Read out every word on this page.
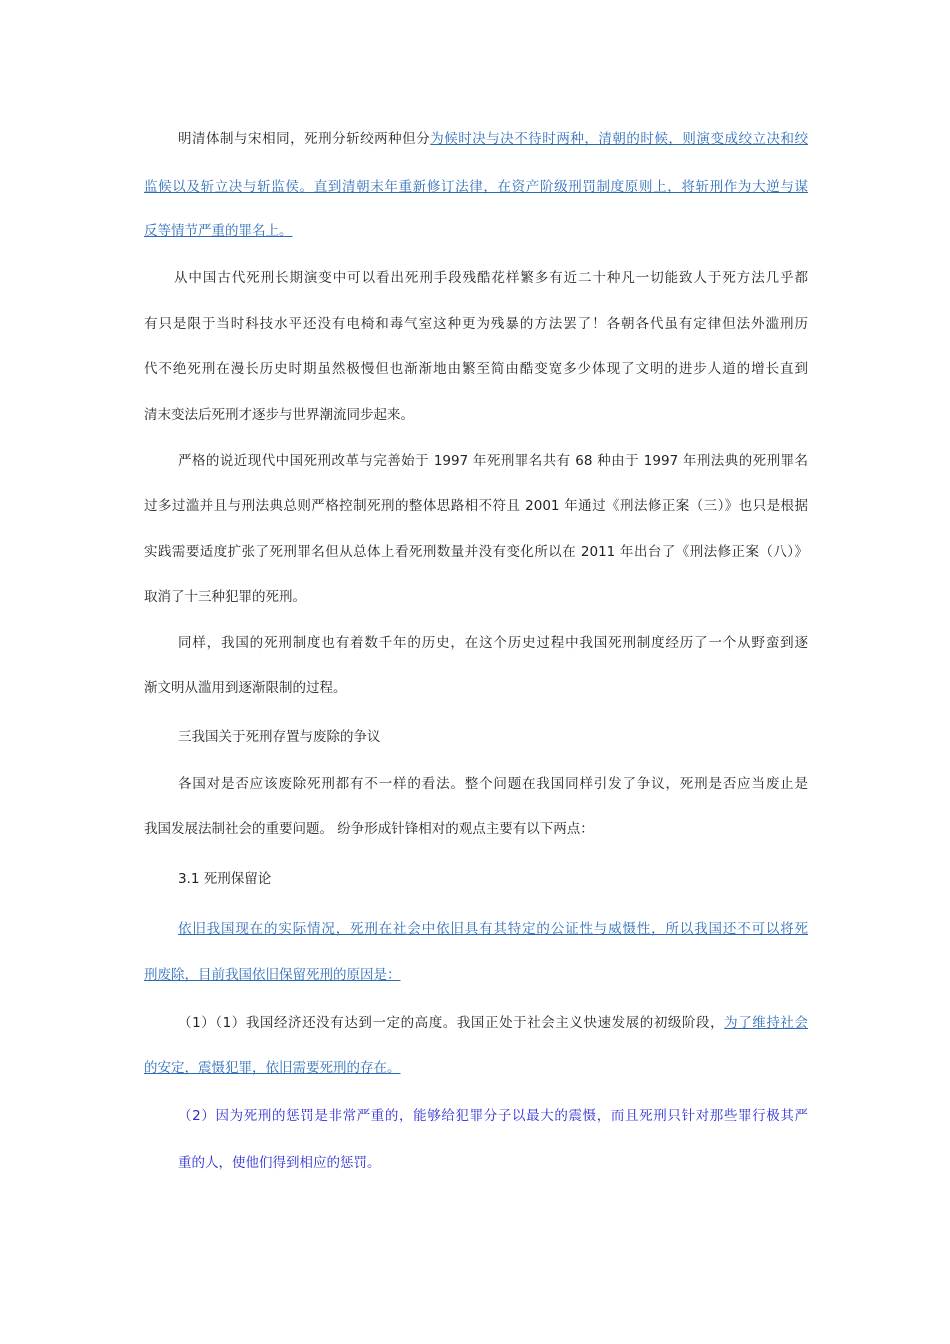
明清体制与宋相同，死刑分斩绞两种但分为候时决与决不待时两种，清朝的时候，则演变成绞立决和绞
监候以及斩立决与斩监侯。直到清朝末年重新修订法律，在资产阶级刑罚制度原则上，将斩刑作为大逆与谋
反等情节严重的罪名上。
从中国古代死刑长期演变中可以看出死刑手段残酷花样繁多有近二十种凡一切能致人于死方法几乎都
有只是限于当时科技水平还没有电椅和毒气室这种更为残暴的方法罢了！各朝各代虽有定律但法外滥刑历
代不绝死刑在漫长历史时期虽然极慢但也渐渐地由繁至简由酷变宽多少体现了文明的进步人道的增长直到
清末变法后死刑才逐步与世界潮流同步起来。
严格的说近现代中国死刑改革与完善始于 1997 年死刑罪名共有 68 种由于 1997 年刑法典的死刑罪名
过多过滥并且与刑法典总则严格控制死刑的整体思路相不符且 2001 年通过《刑法修正案（三）》也只是根据
实践需要适度扩张了死刑罪名但从总体上看死刑数量并没有变化所以在 2011 年出台了《刑法修正案（八）》
取消了十三种犯罪的死刑。
同样，我国的死刑制度也有着数千年的历史，在这个历史过程中我国死刑制度经历了一个从野蛮到逐
渐文明从滥用到逐渐限制的过程。
三我国关于死刑存置与废除的争议
各国对是否应该废除死刑都有不一样的看法。整个问题在我国同样引发了争议，死刑是否应当废止是
我国发展法制社会的重要问题。 纷争形成针锋相对的观点主要有以下两点：
3.1 死刑保留论
依旧我国现在的实际情况，死刑在社会中依旧具有其特定的公证性与威慑性，所以我国还不可以将死
刑废除，目前我国依旧保留死刑的原因是：
（1）（1）我国经济还没有达到一定的高度。我国正处于社会主义快速发展的初级阶段，为了维持社会
的安定，震慑犯罪，依旧需要死刑的存在。
（2）因为死刑的惩罚是非常严重的，能够给犯罪分子以最大的震慑，而且死刑只针对那些罪行极其严
重的人，使他们得到相应的惩罚。
